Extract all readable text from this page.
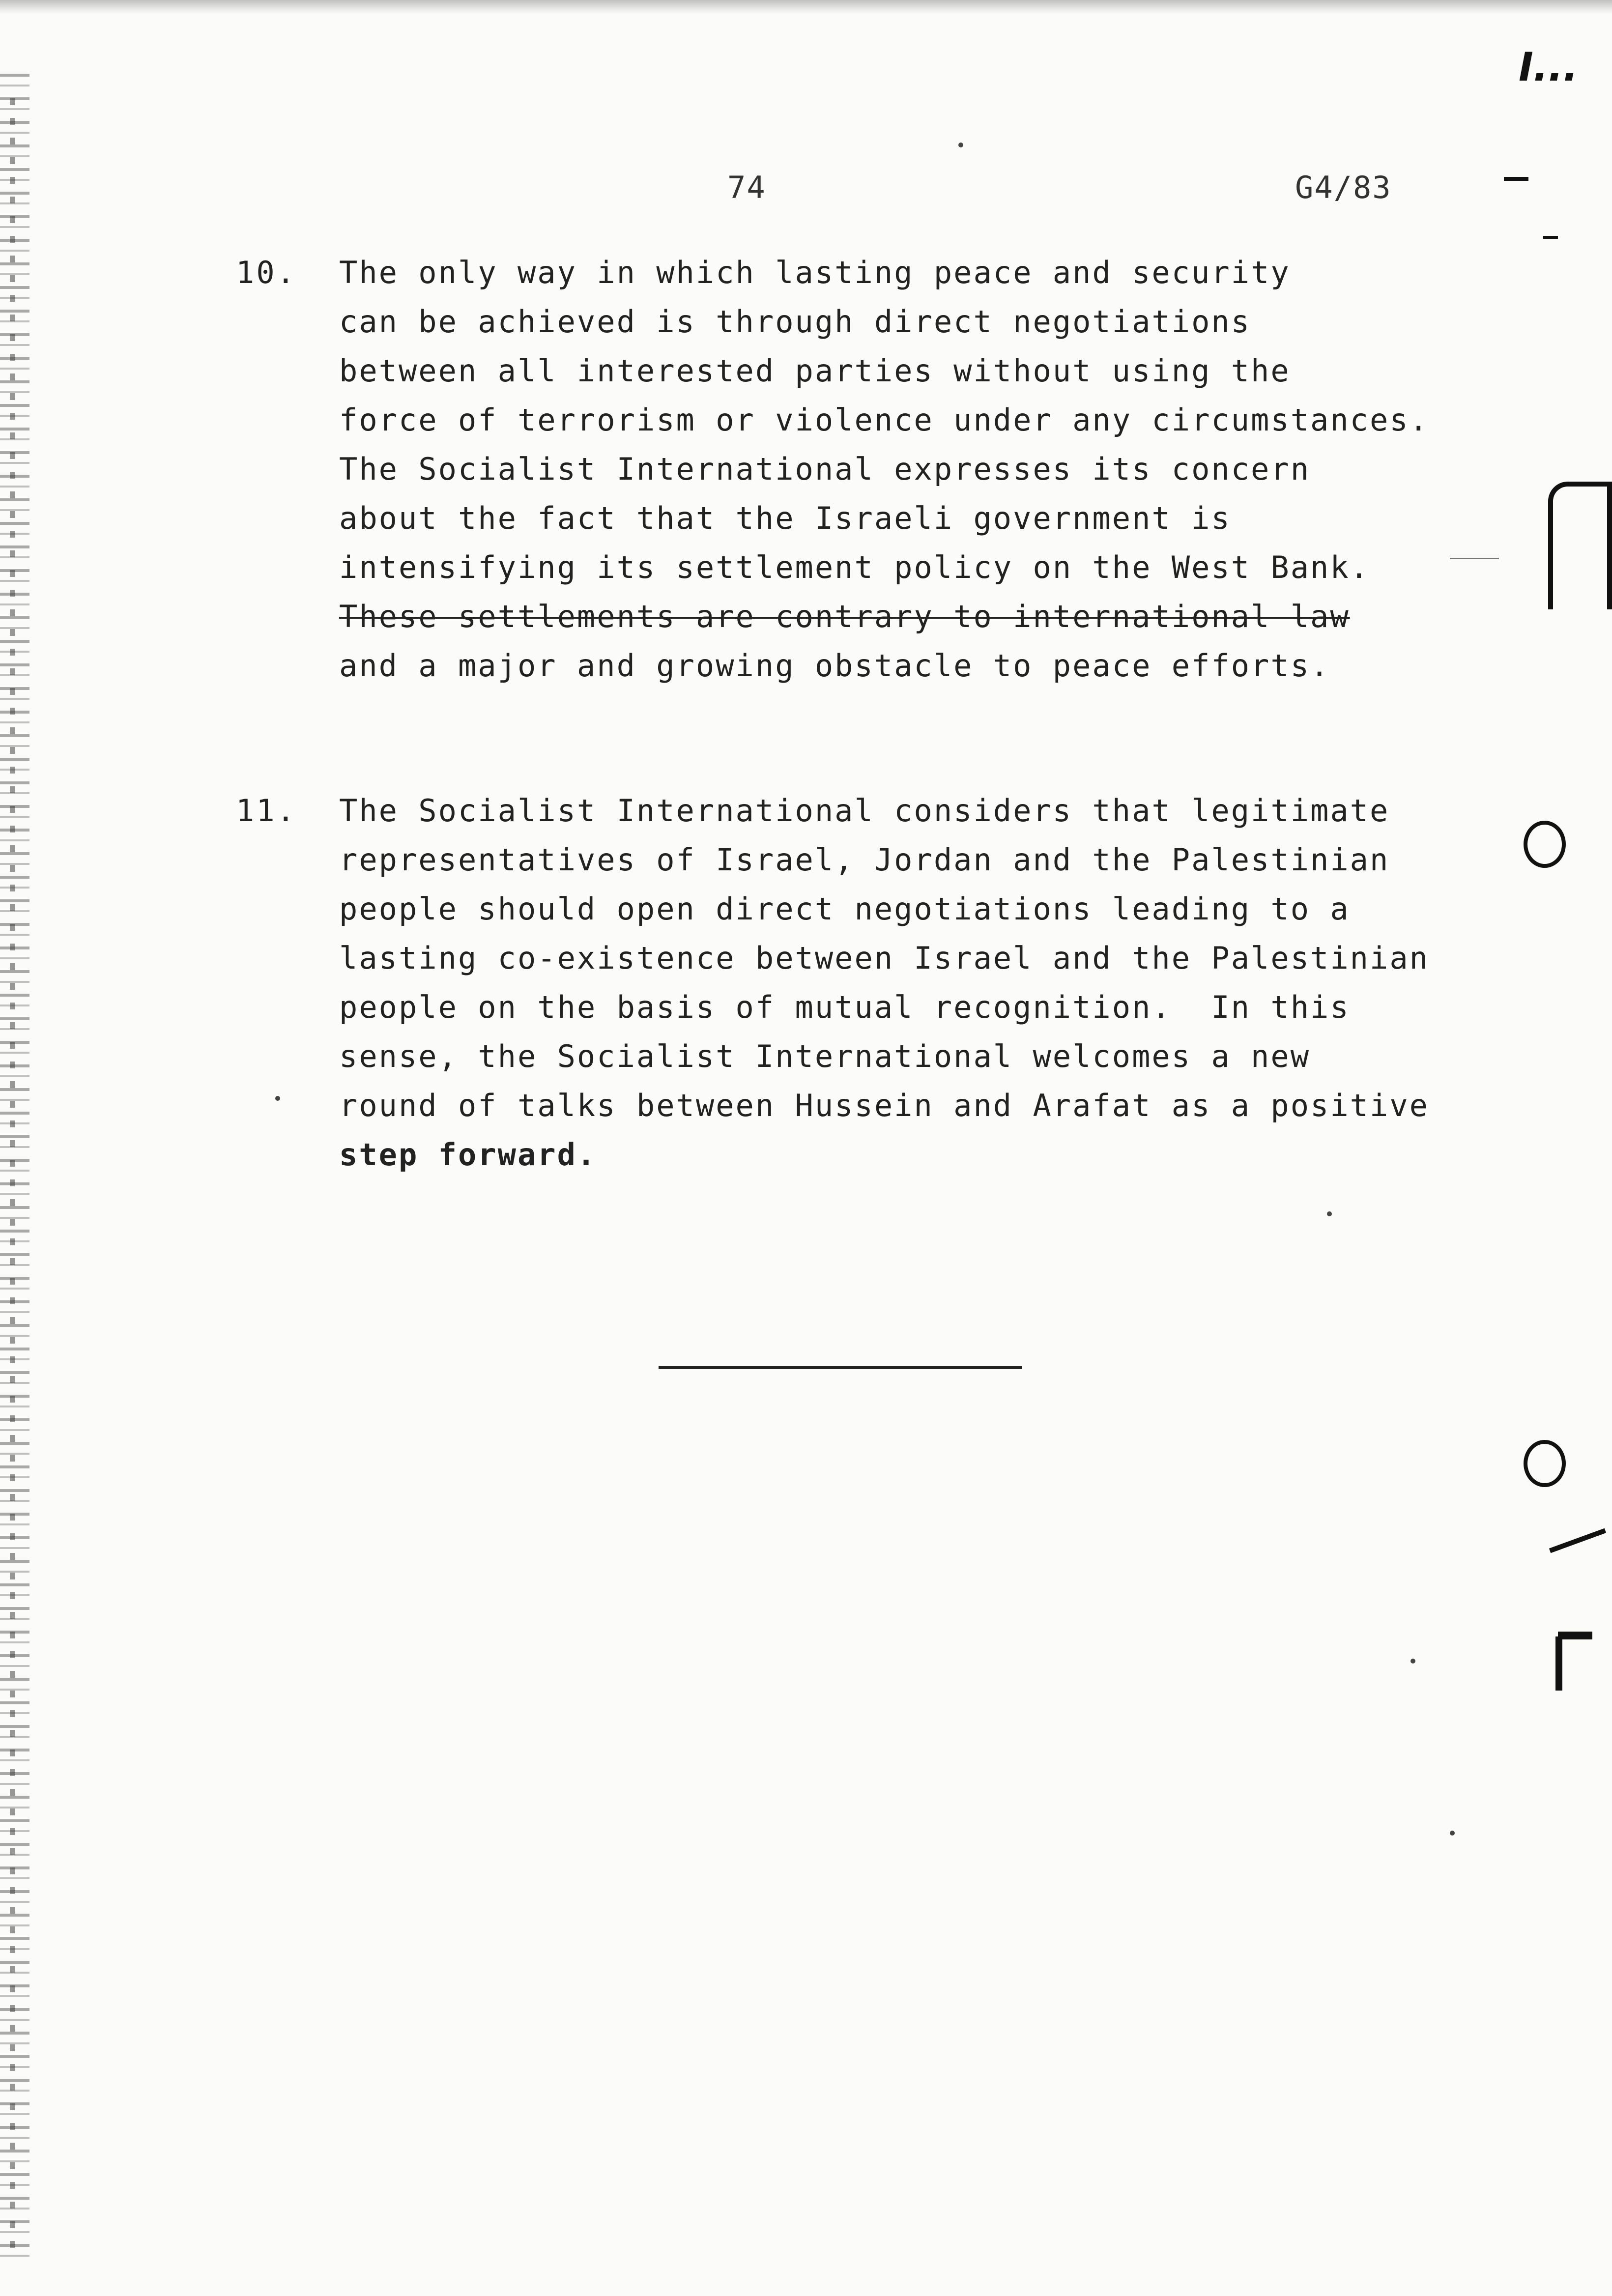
74	G4/83
10. The only way in which lasting peace and security
can be achieved is through direct negotiations
between all interested parties without using the
force of terrorism or violence under any circumstances.
The Socialist International expresses its concern
about the fact that the Israeli government is
intensifying its settlement policy on the West Bank.
These settlements are contrary to international law
and a major and growing obstacle to peace efforts.
11. The Socialist International considers that legitimate
representatives of Israel, Jordan and the Palestinian
people should open direct negotiations leading to a
lasting co-existence between Israel and the Palestinian
people on the basis of mutual recognition.  In this
sense, the Socialist International welcomes a new
round of talks between Hussein and Arafat as a positive
step forward.
I...
